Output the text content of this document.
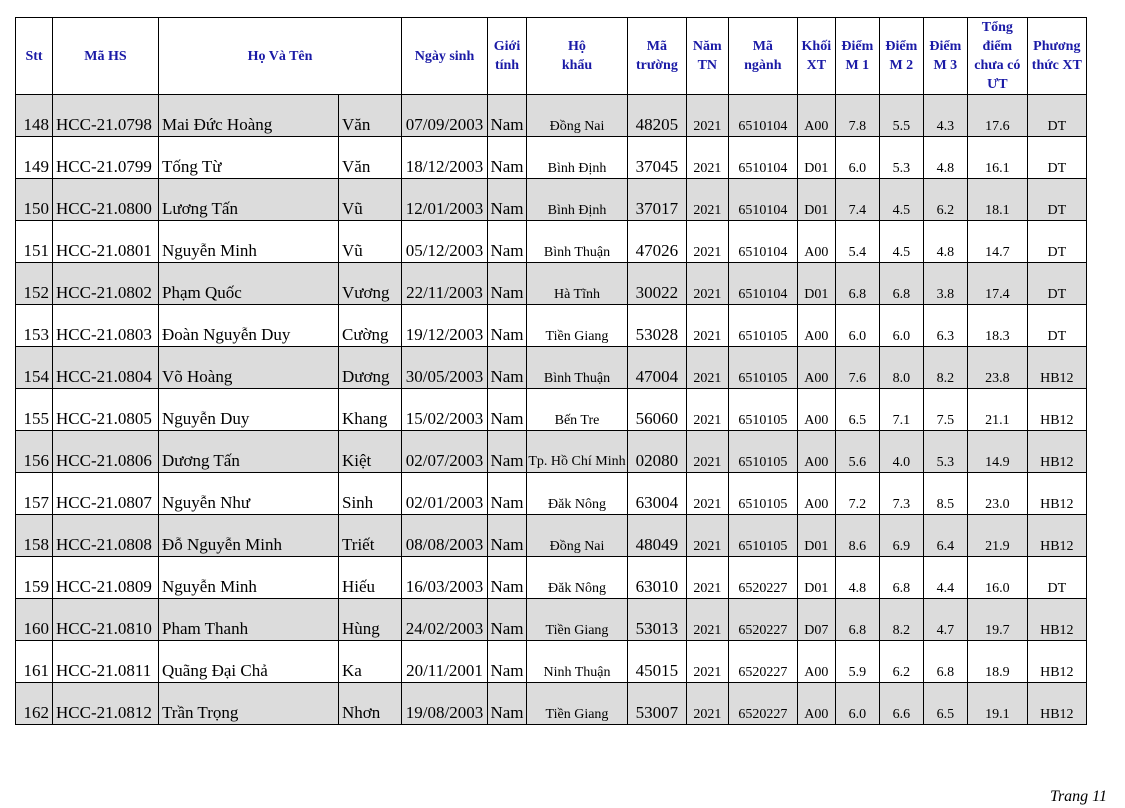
Stt	Mã HS	Họ Và Tên		Ngày sinh	Giới tính	Hộ khẩu	Mã trường	Năm TN	Mã ngành	Khối XT	Điểm M 1	Điểm M 2	Điểm M 3	Tổng điểm chưa có ƯT	Phương thức XT
148	HCC-21.0798	Mai Đức Hoàng	Văn	07/09/2003	Nam	Đồng Nai	48205	2021	6510104	A00	7.8	5.5	4.3	17.6	DT
149	HCC-21.0799	Tống Từ	Văn	18/12/2003	Nam	Bình Định	37045	2021	6510104	D01	6.0	5.3	4.8	16.1	DT
150	HCC-21.0800	Lương Tấn	Vũ	12/01/2003	Nam	Bình Định	37017	2021	6510104	D01	7.4	4.5	6.2	18.1	DT
151	HCC-21.0801	Nguyễn Minh	Vũ	05/12/2003	Nam	Bình Thuận	47026	2021	6510104	A00	5.4	4.5	4.8	14.7	DT
152	HCC-21.0802	Phạm Quốc	Vương	22/11/2003	Nam	Hà Tĩnh	30022	2021	6510104	D01	6.8	6.8	3.8	17.4	DT
153	HCC-21.0803	Đoàn Nguyễn Duy	Cường	19/12/2003	Nam	Tiền Giang	53028	2021	6510105	A00	6.0	6.0	6.3	18.3	DT
154	HCC-21.0804	Võ Hoàng	Dương	30/05/2003	Nam	Bình Thuận	47004	2021	6510105	A00	7.6	8.0	8.2	23.8	HB12
155	HCC-21.0805	Nguyễn Duy	Khang	15/02/2003	Nam	Bến Tre	56060	2021	6510105	A00	6.5	7.1	7.5	21.1	HB12
156	HCC-21.0806	Dương Tấn	Kiệt	02/07/2003	Nam	Tp. Hồ Chí Minh	02080	2021	6510105	A00	5.6	4.0	5.3	14.9	HB12
157	HCC-21.0807	Nguyễn Như	Sinh	02/01/2003	Nam	Đăk Nông	63004	2021	6510105	A00	7.2	7.3	8.5	23.0	HB12
158	HCC-21.0808	Đỗ Nguyễn Minh	Triết	08/08/2003	Nam	Đồng Nai	48049	2021	6510105	D01	8.6	6.9	6.4	21.9	HB12
159	HCC-21.0809	Nguyễn Minh	Hiếu	16/03/2003	Nam	Đăk Nông	63010	2021	6520227	D01	4.8	6.8	4.4	16.0	DT
160	HCC-21.0810	Pham Thanh	Hùng	24/02/2003	Nam	Tiền Giang	53013	2021	6520227	D07	6.8	8.2	4.7	19.7	HB12
161	HCC-21.0811	Quãng Đại Chả	Ka	20/11/2001	Nam	Ninh Thuận	45015	2021	6520227	A00	5.9	6.2	6.8	18.9	HB12
162	HCC-21.0812	Trần Trọng	Nhơn	19/08/2003	Nam	Tiền Giang	53007	2021	6520227	A00	6.0	6.6	6.5	19.1	HB12
Trang 11
